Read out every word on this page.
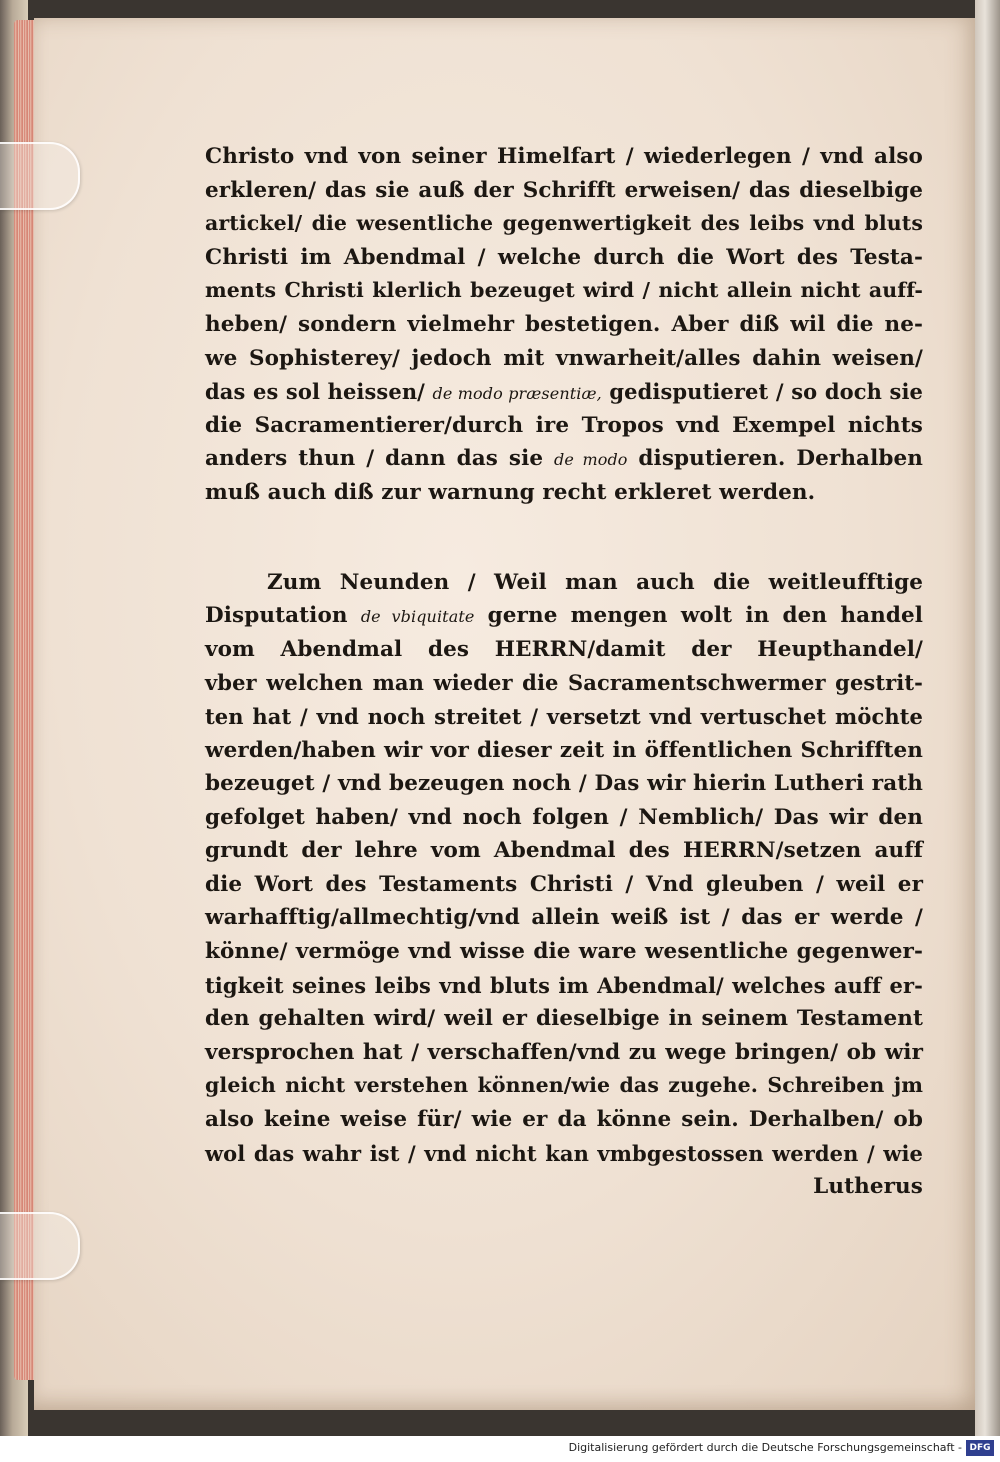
Christo vnd von seiner Himelfart / wiederlegen / vnd also
erkleren/ das sie auß der Schrifft erweisen/ das dieselbige
artickel/ die wesentliche gegenwertigkeit des leibs vnd bluts
Christi im Abendmal / welche durch die Wort des Testa-
ments Christi klerlich bezeuget wird / nicht allein nicht auff-
heben/ sondern vielmehr bestetigen. Aber diß wil die ne-
we Sophisterey/ jedoch mit vnwarheit/alles dahin weisen/
das es sol heissen/ de modo præsentiæ, gedisputieret / so doch sie
die Sacramentierer/durch ire Tropos vnd Exempel nichts
anders thun / dann das sie de modo disputieren. Derhalben
muß auch diß zur warnung recht erkleret werden.
Zum Neunden / Weil man auch die weitleufftige
Disputation de vbiquitate gerne mengen wolt in den handel
vom Abendmal des HERRN/damit der Heupthandel/
vber welchen man wieder die Sacramentschwermer gestrit-
ten hat / vnd noch streitet / versetzt vnd vertuschet möchte
werden/haben wir vor dieser zeit in öffentlichen Schrifften
bezeuget / vnd bezeugen noch / Das wir hierin Lutheri rath
gefolget haben/ vnd noch folgen / Nemblich/ Das wir den
grundt der lehre vom Abendmal des HERRN/setzen auff
die Wort des Testaments Christi / Vnd gleuben / weil er
warhafftig/allmechtig/vnd allein weiß ist / das er werde /
könne/ vermöge vnd wisse die ware wesentliche gegenwer-
tigkeit seines leibs vnd bluts im Abendmal/ welches auff er-
den gehalten wird/ weil er dieselbige in seinem Testament
versprochen hat / verschaffen/vnd zu wege bringen/ ob wir
gleich nicht verstehen können/wie das zugehe. Schreiben jm
also keine weise für/ wie er da könne sein. Derhalben/ ob
wol das wahr ist / vnd nicht kan vmbgestossen werden / wie
Lutherus
Digitalisierung gefördert durch die Deutsche Forschungsgemeinschaft - DFG
